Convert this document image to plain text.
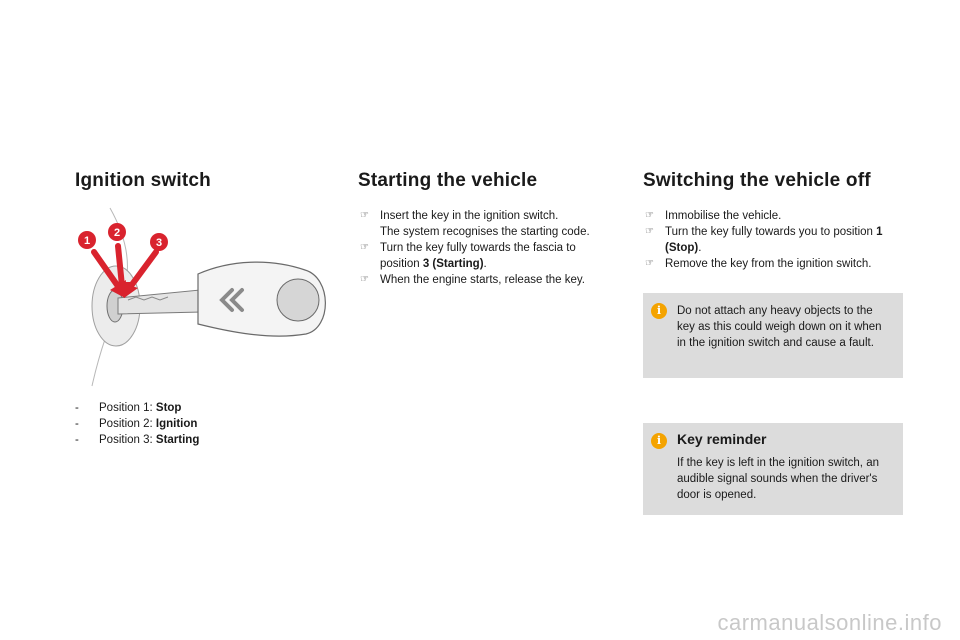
Ignition switch
1
2
3
- Position 1: Stop
- Position 2: Ignition
- Position 3: Starting
Starting the vehicle
☞ Insert the key in the ignition switch.
The system recognises the starting code.
☞ Turn the key fully towards the fascia to position 3 (Starting).
☞ When the engine starts, release the key.
Switching the vehicle off
☞ Immobilise the vehicle.
☞ Turn the key fully towards you to position 1 (Stop).
☞ Remove the key from the ignition switch.
i	Do not attach any heavy objects to the key as this could weigh down on it when in the ignition switch and cause a fault.

i	Key reminder

If the key is left in the ignition switch, an audible signal sounds when the driver's door is opened.

carmanualsonline.info
